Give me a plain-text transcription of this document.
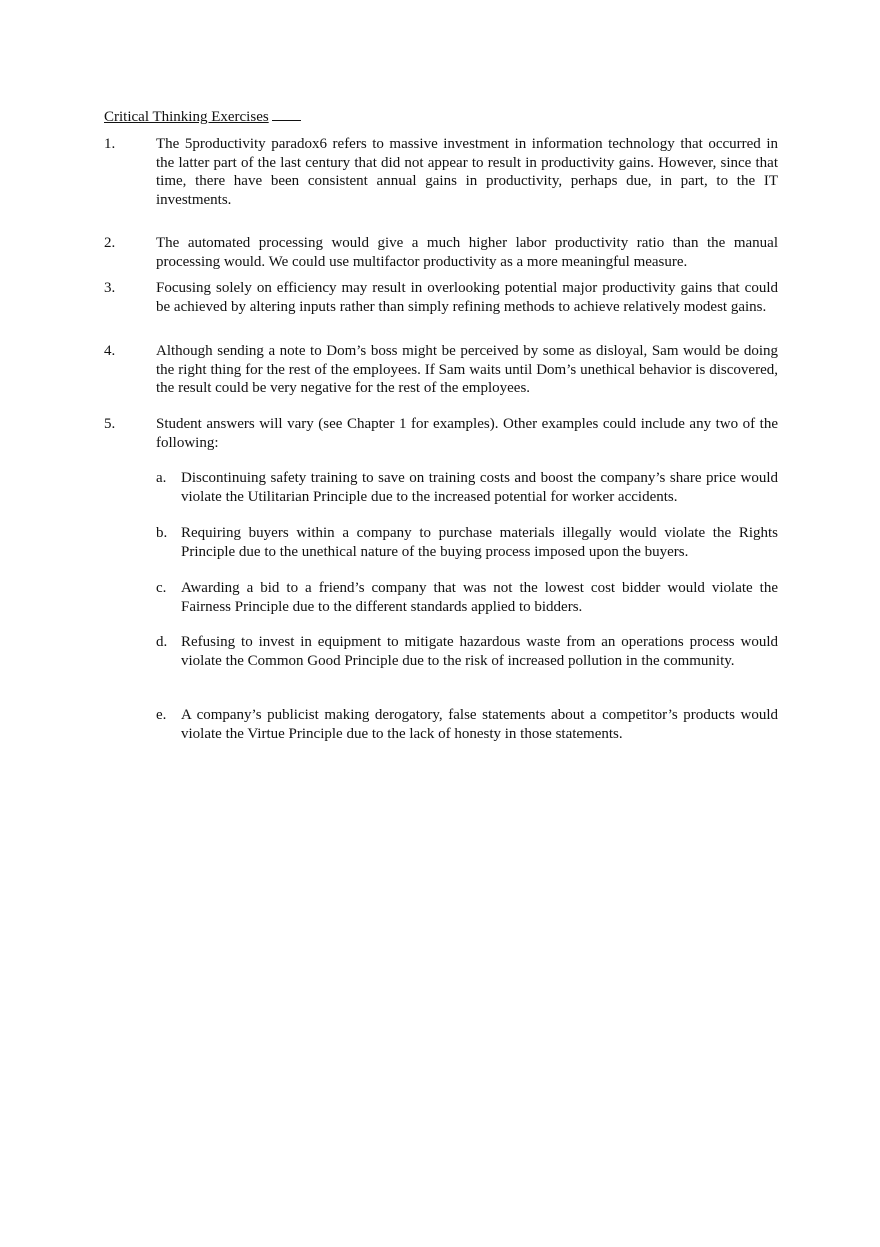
Critical Thinking Exercises
1.	The 5productivity paradox6 refers to massive investment in information technology that occurred in the latter part of the last century that did not appear to result in productivity gains. However, since that time, there have been consistent annual gains in productivity, perhaps due, in part, to the IT investments.
2.	The automated processing would give a much higher labor productivity ratio than the manual processing would. We could use multifactor productivity as a more meaningful measure.
3.	Focusing solely on efficiency may result in overlooking potential major productivity gains that could be achieved by altering inputs rather than simply refining methods to achieve relatively modest gains.
4.	Although sending a note to Dom’s boss might be perceived by some as disloyal, Sam would be doing the right thing for the rest of the employees. If Sam waits until Dom’s unethical behavior is discovered, the result could be very negative for the rest of the employees.
5.	Student answers will vary (see Chapter 1 for examples). Other examples could include any two of the following:
a. Discontinuing safety training to save on training costs and boost the company’s share price would violate the Utilitarian Principle due to the increased potential for worker accidents.
b. Requiring buyers within a company to purchase materials illegally would violate the Rights Principle due to the unethical nature of the buying process imposed upon the buyers.
c. Awarding a bid to a friend’s company that was not the lowest cost bidder would violate the Fairness Principle due to the different standards applied to bidders.
d. Refusing to invest in equipment to mitigate hazardous waste from an operations process would violate the Common Good Principle due to the risk of increased pollution in the community.
e. A company’s publicist making derogatory, false statements about a competitor’s products would violate the Virtue Principle due to the lack of honesty in those statements.
